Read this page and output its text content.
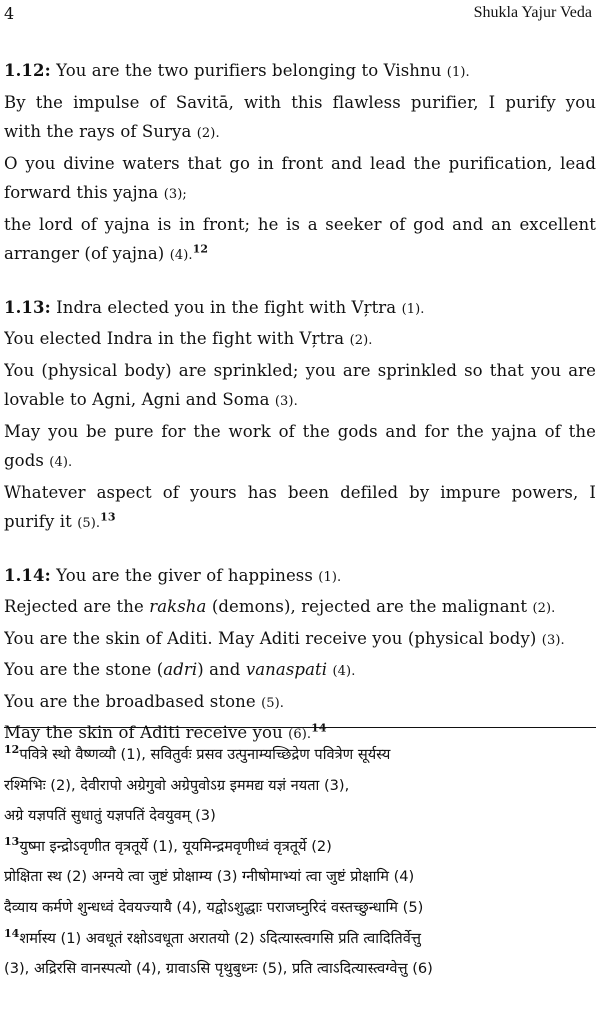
4	Shukla Yajur Veda

1.12: You are the two purifiers belonging to Vishnu (1).

By the impulse of Savitā, with this flawless purifier, I purify you

with the rays of Surya (2).

O you divine waters that go in front and lead the purification, lead

forward this yajna (3);

the lord of yajna is in front; he is a seeker of god and an excellent

arranger (of yajna) (4).$^{12}$

1.13: Indra elected you in the fight with Vŗtra (1).

You elected Indra in the fight with Vŗtra (2).

You (physical body) are sprinkled; you are sprinkled so that you are

lovable to Agni, Agni and Soma (3).

May you be pure for the work of the gods and for the yajna of the

gods (4).

Whatever aspect of yours has been defiled by impure powers, I

purify it (5).$^{13}$

1.14: You are the giver of happiness (1).

Rejected are the raksha (demons), rejected are the malignant (2).

You are the skin of Aditi. May Aditi receive you (physical body) (3).

You are the stone (adri) and vanaspati (4).

You are the broadbased stone (5).

May the skin of Aditi receive you (6).$^{14}$

$^{12}$पवित्रे स्थो वैष्णव्यौ (1), सवितुर्वः प्रसव उत्पुनाम्यच्छिद्रेण पवित्रेण सूर्यस्य

रश्मिभिः (2), देवीरापो अग्रेगुवो अग्रेपुवोऽग्र इममद्य यज्ञं नयता (3),

अग्रे यज्ञपतिं सुधातुं यज्ञपतिं देवयुवम् (3)

$^{13}$युष्मा इन्द्रोऽवृणीत वृत्रतूर्ये (1), यूयमिन्द्रमवृणीध्वं वृत्रतूर्ये (2)

प्रोक्षिता स्थ (2) अग्नये त्वा जुष्टं प्रोक्षाम्य (3) ग्नीषोमाभ्यां त्वा जुष्टं प्रोक्षामि (4)

दैव्याय कर्मणे शुन्धध्वं देवयज्यायै (4), यद्वोऽशुद्धाः पराजघ्नुरिदं वस्तच्छुन्धामि (5)

$^{14}$शर्मास्य (1) अवधूतं रक्षोऽवधूता अरातयो (2) ऽदित्यास्त्वगसि प्रति त्वादितिर्वेत्तु

(3), अद्रिरसि वानस्पत्यो (4), ग्रावाऽसि पृथुबुध्नः (5), प्रति त्वाऽदित्यास्त्वग्वेत्तु (6)
